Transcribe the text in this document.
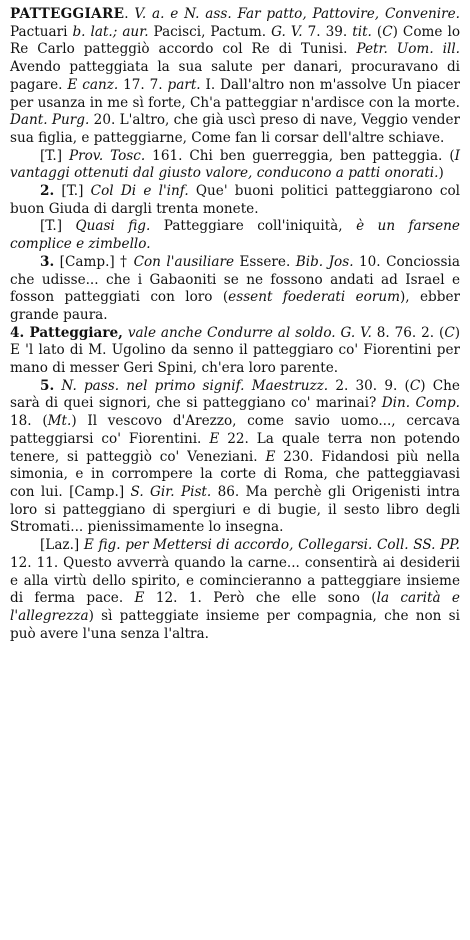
PATTEGGIARE. V. a. e N. ass. Far patto, Pattovire, Convenire. Pactuari b. lat.; aur. Pacisci, Pactum. G. V. 7. 39. tit. (C) Come lo Re Carlo patteggiò accordo col Re di Tunisi. Petr. Uom. ill. Avendo patteggiata la sua salute per danari, procuravano di pagare. E canz. 17. 7. part. I. Dall'altro non m'assolve Un piacer per usanza in me sì forte, Ch'a patteggiar n'ardisce con la morte. Dant. Purg. 20. L'altro, che già uscì preso di nave, Veggio vender sua figlia, e patteggiarne, Come fan li corsar dell'altre schiave.

[T.] Prov. Tosc. 161. Chi ben guerreggia, ben patteggia. (I vantaggi ottenuti dal giusto valore, conducono a patti onorati.)

2. [T.] Col Di e l'inf. Que' buoni politici patteggiarono col buon Giuda di dargli trenta monete.

[T.] Quasi fig. Patteggiare coll'iniquità, è un farsene complice e zimbello.

3. [Camp.] † Con l'ausiliare Essere. Bib. Jos. 10. Conciossia che udisse... che i Gabaoniti se ne fossono andati ad Israel e fosson patteggiati con loro (essent foederati eorum), ebber grande paura.

4. Patteggiare, vale anche Condurre al soldo. G. V. 8. 76. 2. (C) E 'l lato di M. Ugolino da senno il patteggiaro co' Fiorentini per mano di messer Geri Spini, ch'era loro parente.

5. N. pass. nel primo signif. Maestruzz. 2. 30. 9. (C) Che sarà di quei signori, che si patteggiano co' marinai? Din. Comp. 18. (Mt.) Il vescovo d'Arezzo, come savio uomo..., cercava patteggiarsi co' Fiorentini. E 22. La quale terra non potendo tenere, si patteggiò co' Veneziani. E 230. Fidandosi più nella simonia, e in corrompere la corte di Roma, che patteggiavasi con lui. [Camp.] S. Gir. Pist. 86. Ma perchè gli Origenisti intra loro si patteggiano di spergiuri e di bugie, il sesto libro degli Stromati... pienissimamente lo insegna.

[Laz.] E fig. per Mettersi di accordo, Collegarsi. Coll. SS. PP. 12. 11. Questo avverrà quando la carne... consentirà ai desiderii e alla virtù dello spirito, e comincieranno a patteggiare insieme di ferma pace. E 12. 1. Però che elle sono (la carità e l'allegrezza) sì patteggiate insieme per compagnia, che non si può avere l'una senza l'altra.
